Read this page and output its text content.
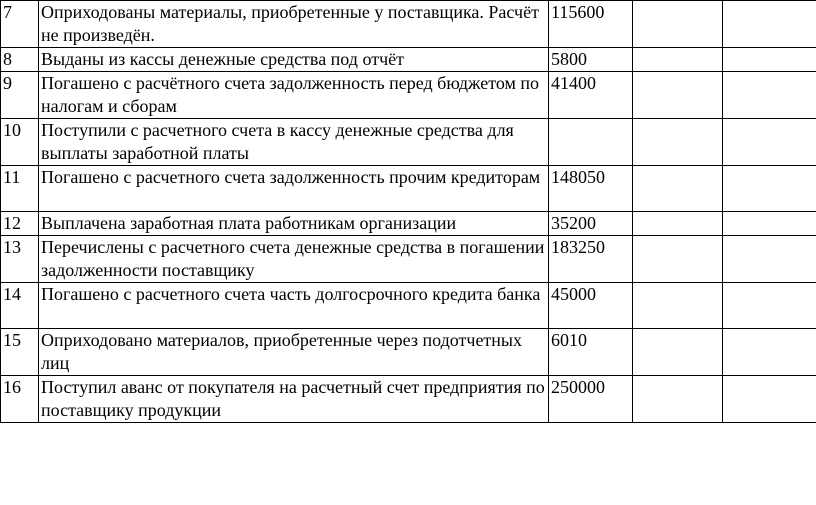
7	Оприходованы материалы, приобретенные у поставщика. Расчёт не произведён.	115600		
8	Выданы из кассы денежные средства под отчёт	5800		
9	Погашено с расчётного счета задолженность перед бюджетом по налогам и сборам	41400		
10	Поступили с расчетного счета в кассу денежные средства для выплаты заработной платы			
11	Погашено с расчетного счета задолженность прочим кредиторам	148050		
12	Выплачена заработная плата работникам организации	35200		
13	Перечислены с расчетного счета денежные средства в погашении задолженности поставщику	183250		
14	Погашено с расчетного счета часть долгосрочного кредита банка	45000		
15	Оприходовано материалов, приобретенные через подотчетных лиц	6010		
16	Поступил аванс от покупателя на расчетный счет предприятия по поставщику продукции	250000		
